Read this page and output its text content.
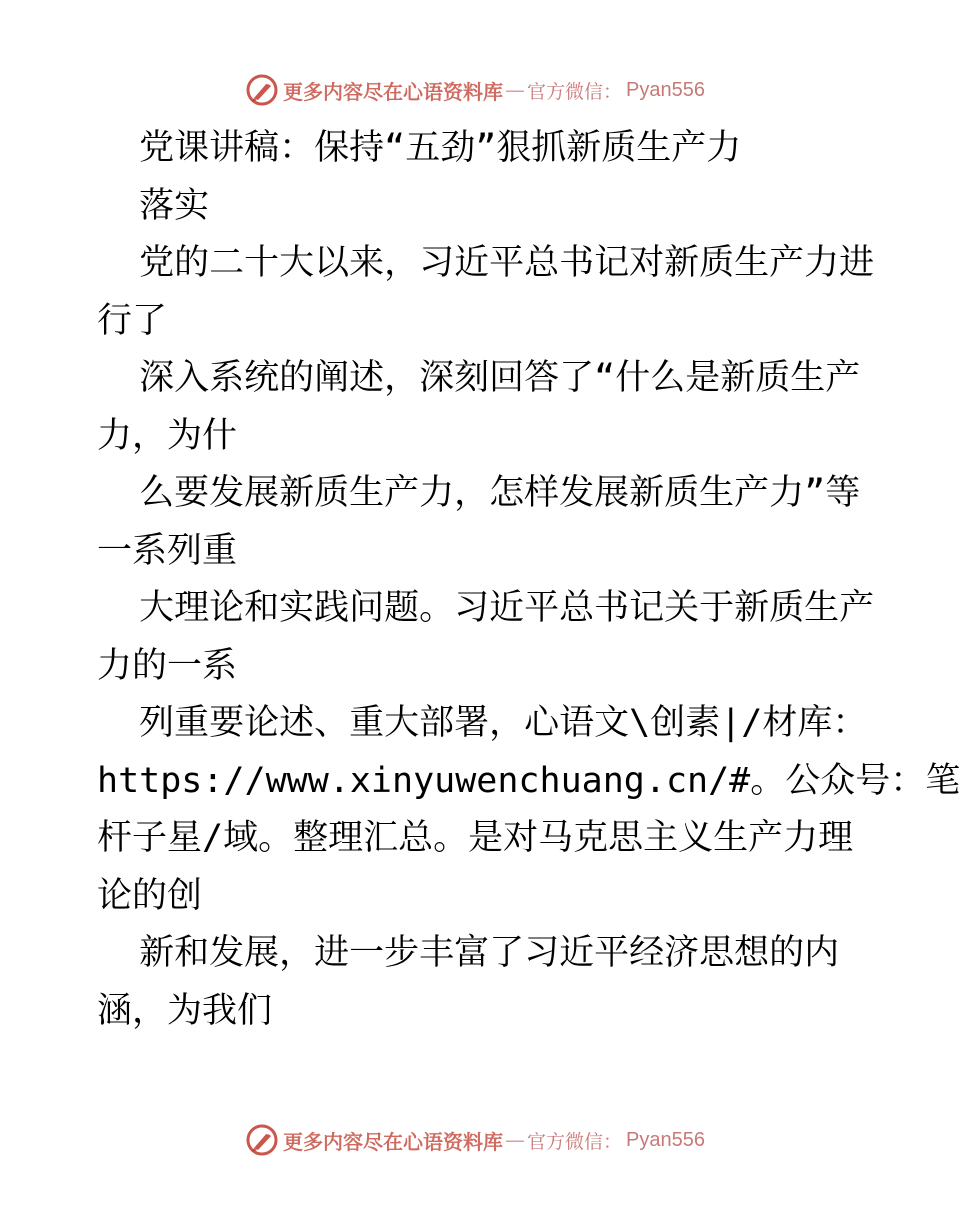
更多内容尽在心语资料库 — 官方微信： Pyan556
党课讲稿：保持“五劲”狠抓新质生产力
落实
党的二十大以来，习近平总书记对新质生产力进
行了
深入系统的阐述，深刻回答了“什么是新质生产
力，为什
么要发展新质生产力，怎样发展新质生产力”等
一系列重
大理论和实践问题。习近平总书记关于新质生产
力的一系
列重要论述、重大部署，心语文\创素|/材库：
https://www.xinyuwenchuang.cn/#。公众号：笔
杆子星/域。整理汇总。是对马克思主义生产力理
论的创
新和发展，进一步丰富了习近平经济思想的内
涵，为我们
更多内容尽在心语资料库 — 官方微信： Pyan556
